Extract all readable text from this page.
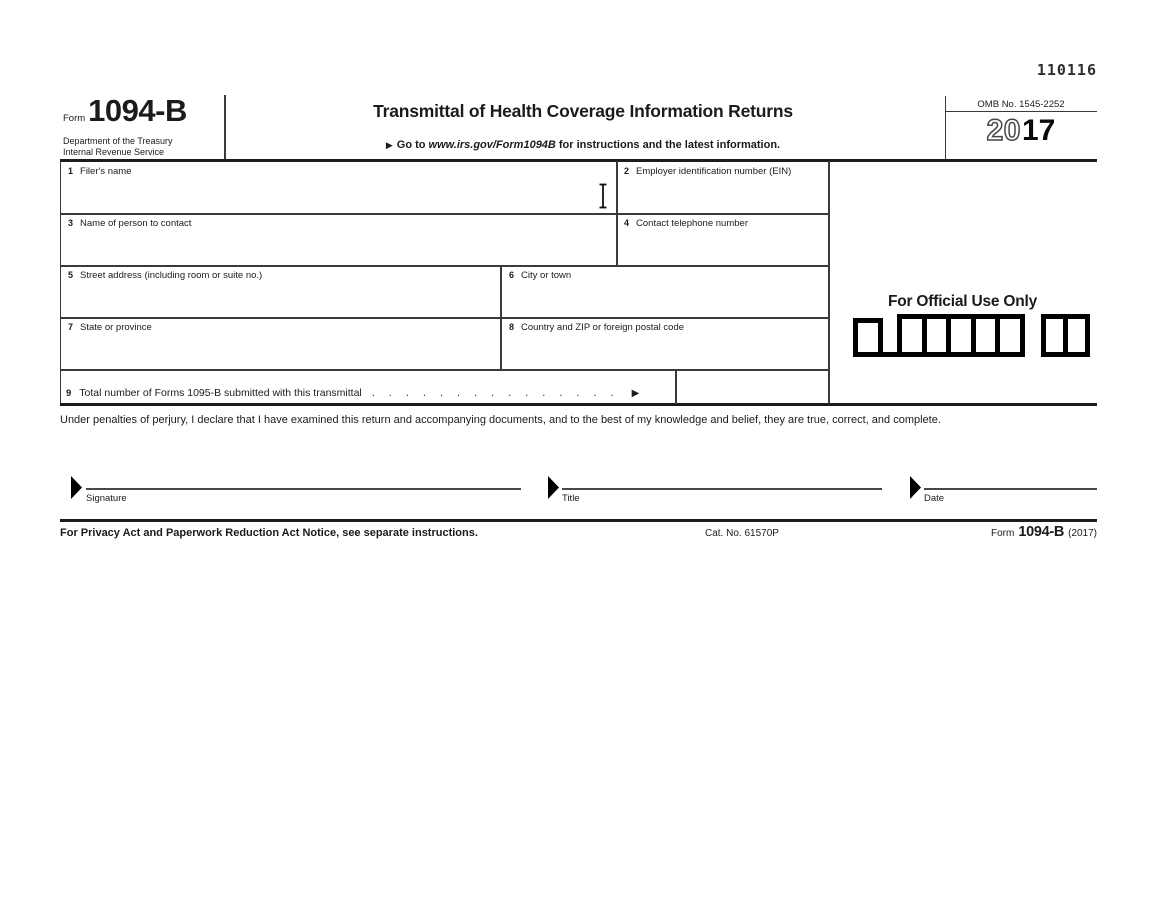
110116
Form 1094-B
Department of the Treasury
Internal Revenue Service
Transmittal of Health Coverage Information Returns
▶ Go to www.irs.gov/Form1094B for instructions and the latest information.
OMB No. 1545-2252
20 17
1 Filer's name	2 Employer identification number (EIN)
3 Name of person to contact	4 Contact telephone number
5 Street address (including room or suite no.)	6 City or town
7 State or province	8 Country and ZIP or foreign postal code
9 Total number of Forms 1095-B submitted with this transmittal ............... ▶
For Official Use Only
Under penalties of perjury, I declare that I have examined this return and accompanying documents, and to the best of my knowledge and belief, they are true, correct, and complete.
Signature	Title	Date
For Privacy Act and Paperwork Reduction Act Notice, see separate instructions.	Cat. No. 61570P	Form 1094-B (2017)
